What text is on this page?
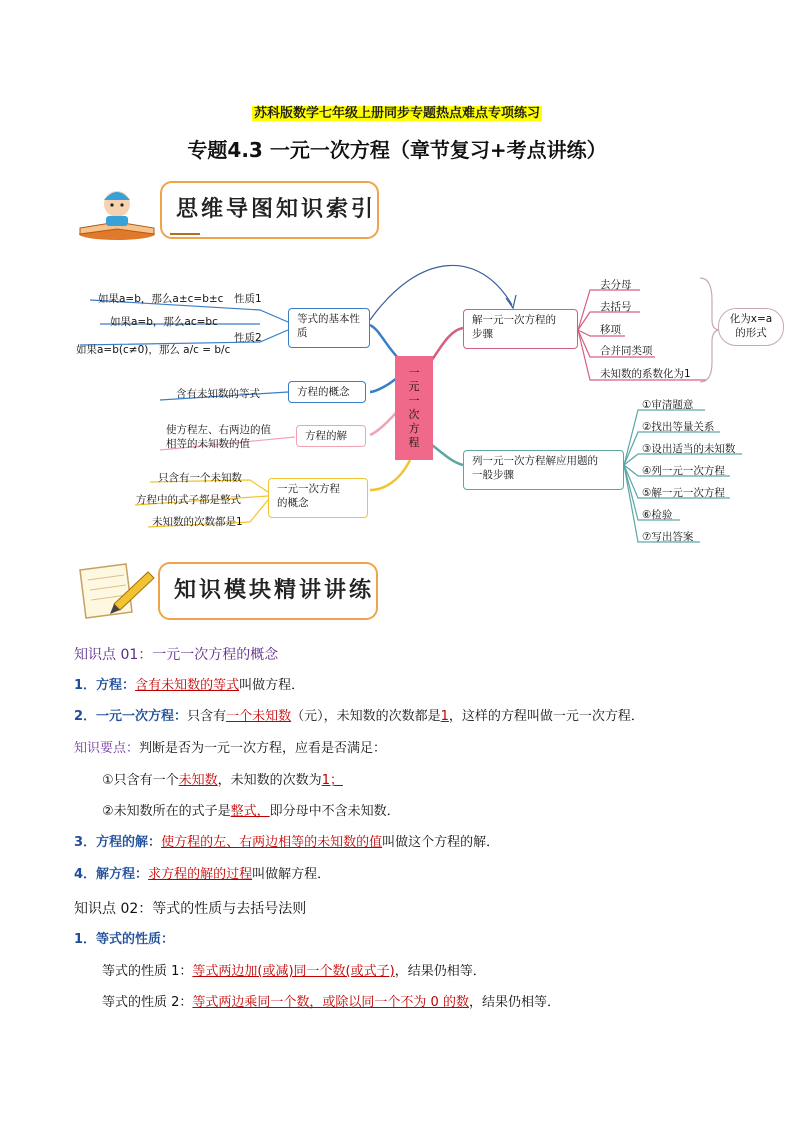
苏科版数学七年级上册同步专题热点难点专项练习
专题4.3 一元一次方程（章节复习+考点讲练）
思维导图知识索引
一元一次方程
等式的基本性质
如果a=b，那么a±c=b±c 性质1
如果a=b，那么ac=bc
性质2
如果a=b(c≠0)，那么 a/c = b/c
方程的概念
含有未知数的等式
方程的解
使方程左、右两边的值
相等的未知数的值
一元一次方程
的概念
只含有一个未知数
方程中的式子都是整式
未知数的次数都是1
解一元一次方程的
步骤
去分母
去括号
移项
合并同类项
未知数的系数化为1
化为x=a
的形式
列一元一次方程解应用题的
一般步骤
①审清题意
②找出等量关系
③设出适当的未知数
④列一元一次方程
⑤解一元一次方程
⑥检验
⑦写出答案
知识模块精讲讲练
知识点 01：一元一次方程的概念
1．方程：含有未知数的等式叫做方程．
2．一元一次方程：只含有一个未知数（元），未知数的次数都是1，这样的方程叫做一元一次方程．
知识要点：判断是否为一元一次方程，应看是否满足：
①只含有一个未知数，未知数的次数为1；
②未知数所在的式子是整式，即分母中不含未知数．
3．方程的解：使方程的左、右两边相等的未知数的值叫做这个方程的解．
4．解方程：求方程的解的过程叫做解方程．
知识点 02：等式的性质与去括号法则
1．等式的性质：
等式的性质 1：等式两边加(或减)同一个数(或式子)，结果仍相等．
等式的性质 2：等式两边乘同一个数，或除以同一个不为 0 的数，结果仍相等．
